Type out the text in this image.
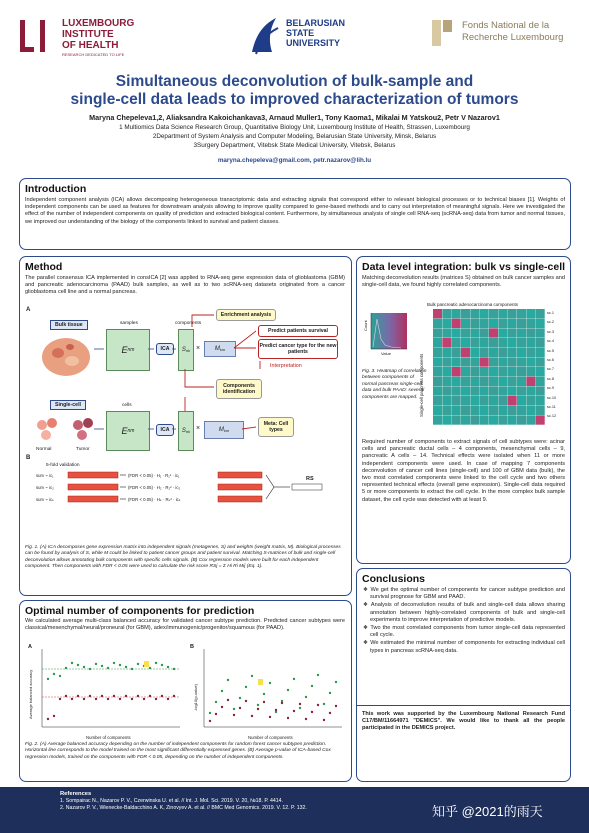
LUXEMBOURG
INSTITUTE
OF HEALTH
RESEARCH DEDICATED TO LIFE
BELARUSIAN
STATE
UNIVERSITY
Fonds National de la
Recherche Luxembourg
Simultaneous deconvolution of bulk-sample and
single-cell data leads to improved characterization of tumors
Maryna Chepeleva1,2, Aliaksandra Kakoichankava3, Arnaud Muller1, Tony Kaoma1, Mikalai M Yatskou2, Petr V Nazarov1
1 Multiomics Data Science Research Group, Quantitative Biology Unit, Luxembourg Institute of Health, Strassen, Luxembourg
2Department of System Analysis and Computer Modeling, Belarusian State University, Minsk, Belarus
3Surgery Department, Vitebsk State Medical University, Vitebsk, Belarus
maryna.chepeleva@gmail.com, petr.nazarov@lih.lu
Introduction
Independent component analysis (ICA) allows decomposing heterogeneous transcriptomic data and extracting signals that correspond either to relevant biological processes or to technical biases [1]. Weights of independent components can be used as features for downstream analysis allowing to improve quality compared to gene-based methods and to carry out interpretation of meaningful signals. Here we investigated the effect of the number of independent components on quality of prediction and extracted biological content. Furthermore, by simultaneous analysis of single cell RNA-seq (scRNA-seq) data from tumor and normal tissues, we improved our understanding of the biology of the components linked to survival and patient classes.
Method
The parallel consensus ICA implemented in consICA [2] was applied to RNA-seq gene expression data of glioblastoma (GBM) and pancreatic adenocarcinoma (PAAD) bulk samples, as well as to two scRNA-seq datasets originated from a cancer glioblastoma cell line and a normal pancreas.
A
Bulk tissue	samples
E nm	ICA
components
S nk ×	M km
Enrichment analysis
Predict patients survival
Predict cancer type for the new patients
Interpretation
Components identification
Single-cell
Normal	Tumor
cells
E nm	ICA	S nk ×	M km
Meta: Cell types
B
5-fold validation
surv ~ ic₁
surv ~ ic₂
surv ~ icₖ
(FDR < 0.05) · H₁ · R₁² · ic₁
(FDR < 0.05) · H₂ · R₂² · ic₂
(FDR < 0.05) · Hₖ · Rₖ² · icₖ
RS
Fig. 1. (A) ICA decomposes gene expression matrix into independent signals (metagenes, S) and weights (weight matrix, M). Biological processes can be found by analysis of S, while M could be linked to patient cancer groups and patient survival. Matching S-matrices of bulk and single-cell deconvolution allows annotating bulk components with specific cells signals. (B) Cox regression models were built for each independent component. Then components with FDR < 0.05 were used to calculate the risk score RSj = Σ Hi Ri Mij (Eq. 1).
Data level integration: bulk vs single-cell
Matching deconvolution results (matrices S) obtained on bulk cancer samples and single-cell data, we found highly correlated components.
Count
Value
Bulk pancreatic adenocarcinoma components
Single-cell pancreas components
sc.1
sc.2
sc.3
sc.4
sc.5
sc.6
sc.7
sc.8
sc.9
sc.10
sc.11
sc.12
Fig. 3. Heatmap of correlation between components of normal pancreas single-cell data and bulk PAAD: several components are mapped.
Required number of components to extract signals of cell subtypes were: acinar cells and pancreatic ductal cells – 4 components, mesenchymal cells – 9, pancreatic A cells – 14. Technical effects were isolated when 11 or more independent components were used. In case of mapping 7 components deconvolution of cancer cell lines (single-cell) and 100 of GBM data (bulk), the two most correlated components were linked to the cell cycle and two others represented technical effects (overall gene expression). Single-cell data required 5 or more components to extract the cell cycle. In the more complex bulk sample dataset, the cell cycle was detected with at least 9.
Optimal number of components for prediction
We calculated average multi-class balanced accuracy for validated cancer subtype prediction. Predicted cancer subtypes were classical/mesenchymal/neural/proneural (for GBM), adex/immunogenic/progenitor/squamous (for PAAD).
A	B
Average balanced accuracy	-log10(p-value)
Number of components	Number of components
Fig. 2. (A) Average balanced accuracy depending on the number of independent components for random forest cancer subtypes prediction. Horizontal line corresponds to the model trained on the most significant differentially expressed genes. (B) Average p-value of ICA-based Cox regression models, trained on the components with FDR < 0.05, depending on the number of independent components.
Conclusions

❖ We get the optimal number of components for cancer subtype prediction and survival prognose for GBM and PAAD.

❖ Analysis of deconvolution results of bulk and single-cell data allows sharing annotation between highly-correlated components of bulk and single-cell experiments to improve interpretation of predictive models.

❖ Two the most correlated components from tumor single-cell data represented cell cycle.

❖ We estimated the minimal number of components for extracting individual cell types in pancreas scRNA-seq data.

This work was supported by the Luxembourg National Research Fund C17/BM/11664971 "DEMICS". We would like to thank all the people participated in the DEMICS project.
References
1. Sompairac N., Nazarov P. V., Czerwinska U. et al. // Int. J. Mol. Sci. 2019. V. 20, №18. P. 4414.
2. Nazarov P. V., Wienecke-Baldacchino A. K, Zinovyev A. et al. // BMC Med Genomics. 2019. V. 12. P. 132.	知乎 @2021的雨天
